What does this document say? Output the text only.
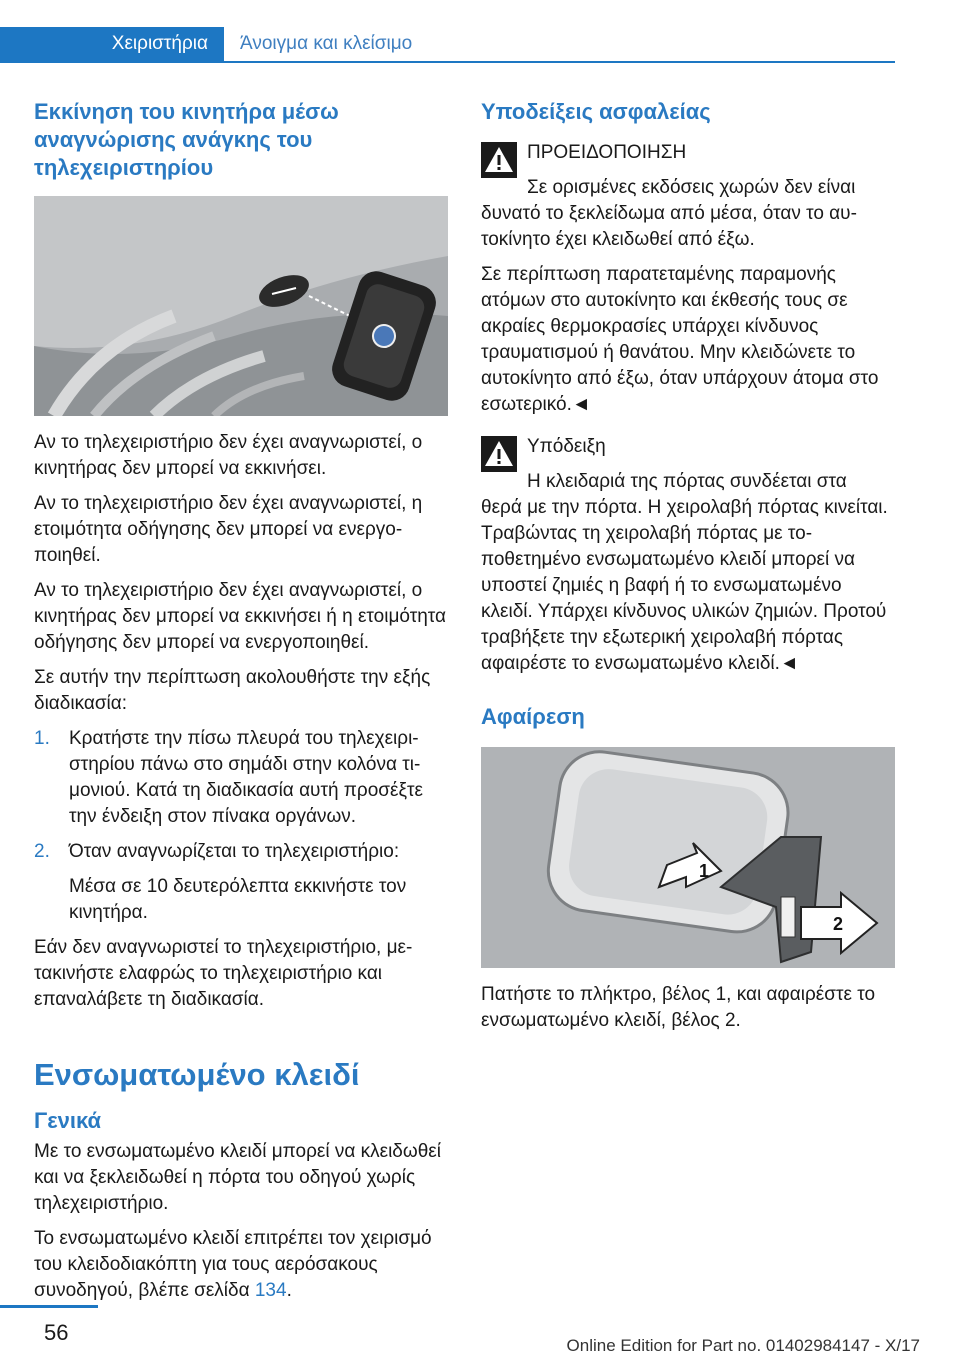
Χειριστήρια	Άνοιγμα και κλείσιμο
Εκκίνηση του κινητήρα μέσω αναγνώρισης ανάγκης του τηλεχειριστηρίου

Αν το τηλεχειριστήριο δεν έχει αναγνωριστεί, ο κινητήρας δεν μπορεί να εκκινήσει.

Αν το τηλεχειριστήριο δεν έχει αναγνωριστεί, η ετοιμότητα οδήγησης δεν μπορεί να ενεργοποιηθεί.

Αν το τηλεχειριστήριο δεν έχει αναγνωριστεί, ο κινητήρας δεν μπορεί να εκκινήσει ή η ετοιμότητα οδήγησης δεν μπορεί να ενεργοποιηθεί.

Σε αυτήν την περίπτωση ακολουθήστε την εξής διαδικασία:

1. Κρατήστε την πίσω πλευρά του τηλεχειριστηρίου πάνω στο σημάδι στην κολόνα τιμονιού. Κατά τη διαδικασία αυτή προσέξτε την ένδειξη στον πίνακα οργάνων.
2. Όταν αναγνωρίζεται το τηλεχειριστήριο:

Μέσα σε 10 δευτερόλεπτα εκκινήστε τον κινητήρα.

Εάν δεν αναγνωριστεί το τηλεχειριστήριο, μετακινήστε ελαφρώς το τηλεχειριστήριο και επαναλάβετε τη διαδικασία.

Ενσωματωμένο κλειδί
Γενικά

Με το ενσωματωμένο κλειδί μπορεί να κλειδωθεί και να ξεκλειδωθεί η πόρτα του οδηγού χωρίς τηλεχειριστήριο.

Το ενσωματωμένο κλειδί επιτρέπει τον χειρισμό του κλειδοδιακόπτη για τους αερόσακους συνοδηγού, βλέπε σελίδα 134.

Υποδείξεις ασφαλείας

ΠΡΟΕΙΔΟΠΟΙΗΣΗ

Σε ορισμένες εκδόσεις χωρών δεν είναι
δυνατό το ξεκλείδωμα από μέσα, όταν το αυτοκίνητο έχει κλειδωθεί από έξω.

Σε περίπτωση παρατεταμένης παραμονής ατόμων στο αυτοκίνητο και έκθεσής τους σε ακραίες θερμοκρασίες υπάρχει κίνδυνος τραυματισμού ή θανάτου. Μην κλειδώνετε το αυτοκίνητο από έξω, όταν υπάρχουν άτομα στο εσωτερικό.◄

Υπόδειξη

Η κλειδαριά της πόρτας συνδέεται στα
θερά με την πόρτα. Η χειρολαβή πόρτας κινείται. Τραβώντας τη χειρολαβή πόρτας με τοποθετημένο ενσωματωμένο κλειδί μπορεί να υποστεί ζημιές η βαφή ή το ενσωματωμένο κλειδί. Υπάρχει κίνδυνος υλικών ζημιών. Προτού τραβήξετε την εξωτερική χειρολαβή πόρτας αφαιρέστε το ενσωματωμένο κλειδί.◄

Αφαίρεση
1
2

Πατήστε το πλήκτρο, βέλος 1, και αφαιρέστε το ενσωματωμένο κλειδί, βέλος 2.

56
Online Edition for Part no. 01402984147 - X/17
